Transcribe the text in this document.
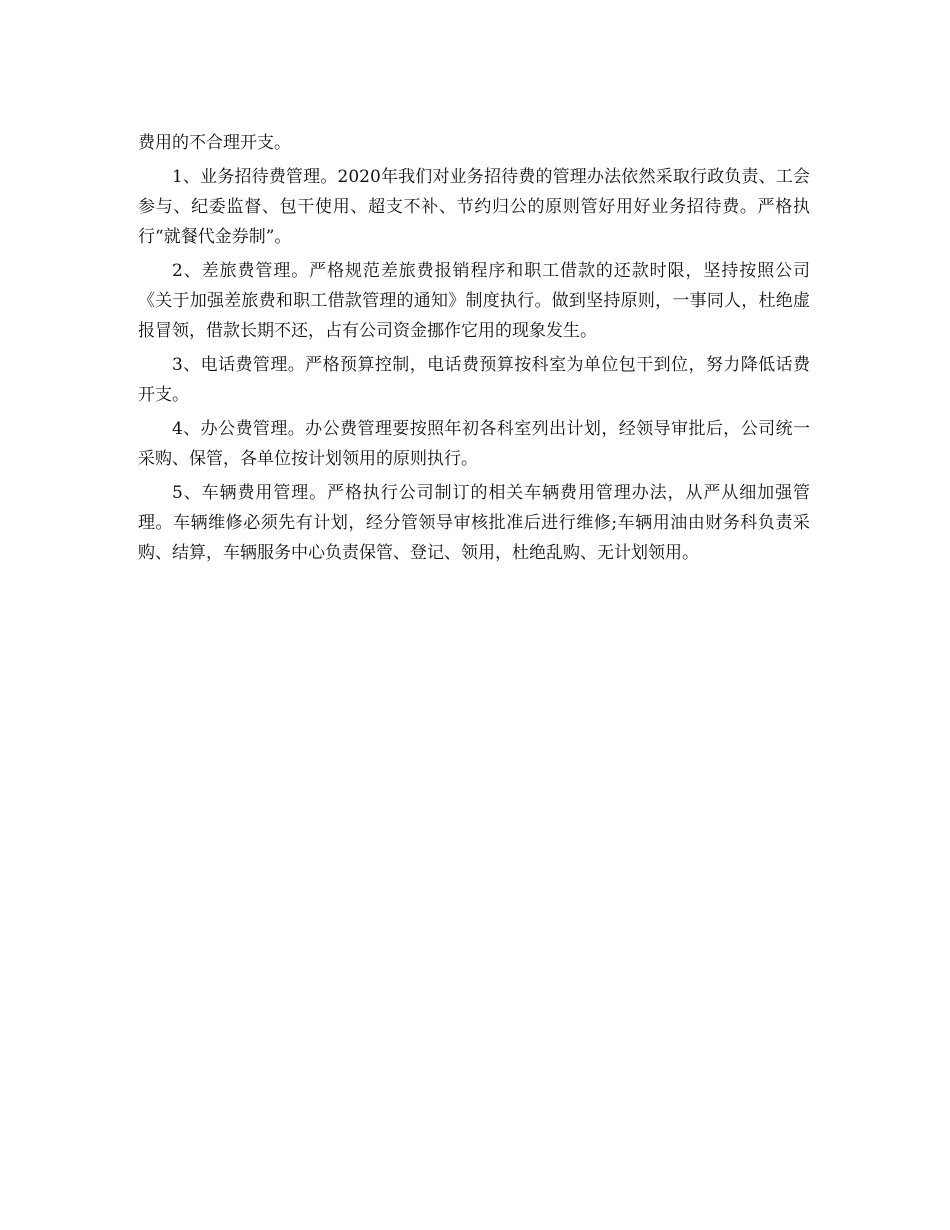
费用的不合理开支。

1、业务招待费管理。2020年我们对业务招待费的管理办法依然采取行政负责、工会参与、纪委监督、包干使用、超支不补、节约归公的原则管好用好业务招待费。严格执行“就餐代金券制”。

2、差旅费管理。严格规范差旅费报销程序和职工借款的还款时限，坚持按照公司《关于加强差旅费和职工借款管理的通知》制度执行。做到坚持原则，一事同人，杜绝虚报冒领，借款长期不还，占有公司资金挪作它用的现象发生。

3、电话费管理。严格预算控制，电话费预算按科室为单位包干到位，努力降低话费开支。

4、办公费管理。办公费管理要按照年初各科室列出计划，经领导审批后，公司统一采购、保管，各单位按计划领用的原则执行。

5、车辆费用管理。严格执行公司制订的相关车辆费用管理办法，从严从细加强管理。车辆维修必须先有计划，经分管领导审核批准后进行维修;车辆用油由财务科负责采购、结算，车辆服务中心负责保管、登记、领用，杜绝乱购、无计划领用。
